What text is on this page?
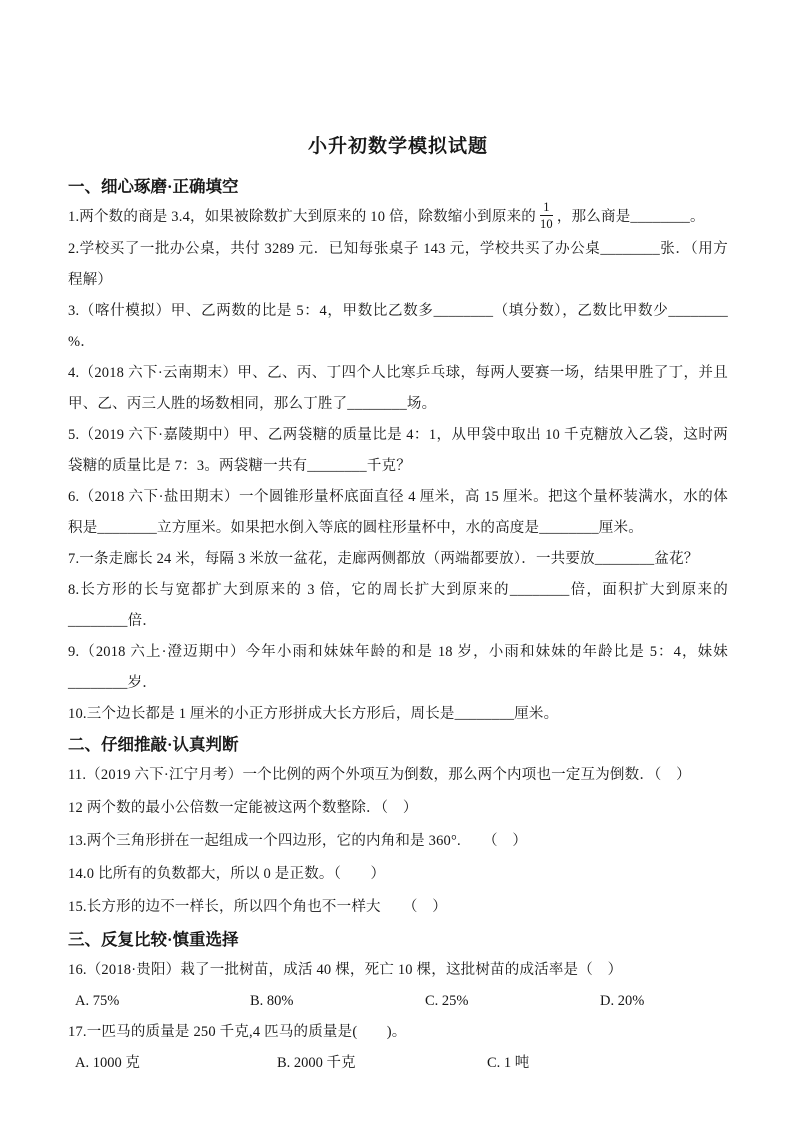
小升初数学模拟试题
一、细心琢磨·正确填空

1.两个数的商是 3.4，如果被除数扩大到原来的 10 倍，除数缩小到原来的 $\frac{1}{10}$ ，那么商是________。

2.学校买了一批办公桌，共付 3289 元．已知每张桌子 143 元，学校共买了办公桌________张．（用方程解）

3.（喀什模拟）甲、乙两数的比是 5：4，甲数比乙数多________（填分数），乙数比甲数少________ %．

4.（2018 六下·云南期末）甲、乙、丙、丁四个人比寒乒乓球，每两人要赛一场，结果甲胜了丁，并且甲、乙、丙三人胜的场数相同，那么丁胜了________场。

5.（2019 六下·嘉陵期中）甲、乙两袋糖的质量比是 4：1，从甲袋中取出 10 千克糖放入乙袋，这时两袋糖的质量比是 7：3。两袋糖一共有________千克？

6.（2018 六下·盐田期末）一个圆锥形量杯底面直径 4 厘米，高 15 厘米。把这个量杯装满水，水的体积是________立方厘米。如果把水倒入等底的圆柱形量杯中，水的高度是________厘米。

7.一条走廊长 24 米，每隔 3 米放一盆花，走廊两侧都放（两端都要放）．一共要放________盆花？

8.长方形的长与宽都扩大到原来的 3 倍，它的周长扩大到原来的________倍，面积扩大到原来的________倍．

9.（2018 六上·澄迈期中）今年小雨和妹妹年龄的和是 18 岁，小雨和妹妹的年龄比是 5：4，妹妹________岁．

10.三个边长都是 1 厘米的小正方形拼成大长方形后，周长是________厘米。

二、仔细推敲·认真判断

11.（2019 六下·江宁月考）一个比例的两个外项互为倒数，那么两个内项也一定互为倒数．（　）

12 两个数的最小公倍数一定能被这两个数整除．（　）

13.两个三角形拼在一起组成一个四边形，它的内角和是 360°.　　（　）

14.0 比所有的负数都大，所以 0 是正数。（　　）

15.长方形的边不一样长，所以四个角也不一样大　　（　）

三、反复比较·慎重选择

16.（2018·贵阳）栽了一批树苗，成活 40 棵，死亡 10 棵，这批树苗的成活率是（　）

A. 75%	B. 80%	C. 25%	D. 20%

17.一匹马的质量是 250 千克,4 匹马的质量是(　　)。

A. 1000 克	B. 2000 千克	C. 1 吨
